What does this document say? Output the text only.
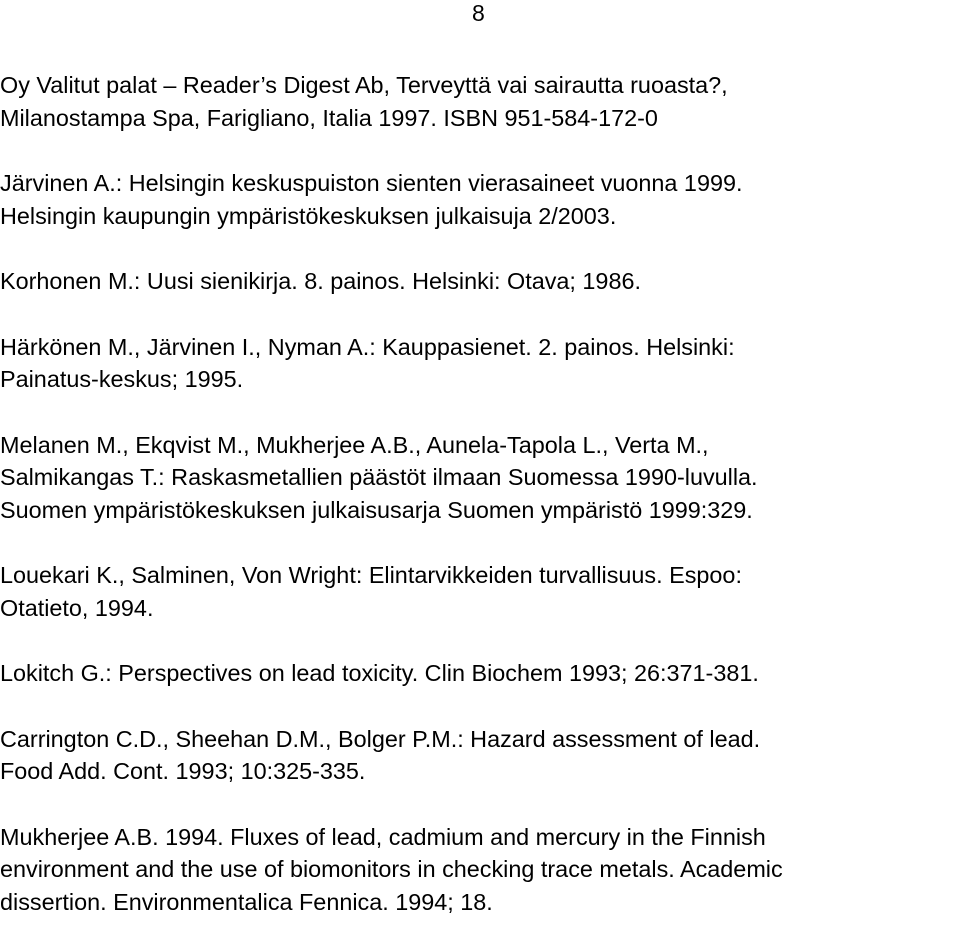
8
Oy Valitut palat – Reader’s Digest Ab, Terveyttä vai sairautta ruoasta?,
Milanostampa Spa, Farigliano, Italia 1997. ISBN 951-584-172-0
Järvinen A.: Helsingin keskuspuiston sienten vierasaineet vuonna 1999.
Helsingin kaupungin ympäristökeskuksen julkaisuja 2/2003.
Korhonen M.: Uusi sienikirja. 8. painos. Helsinki: Otava; 1986.
Härkönen M., Järvinen I., Nyman A.: Kauppasienet. 2. painos. Helsinki:
Painatus-keskus; 1995.
Melanen M., Ekqvist M., Mukherjee A.B., Aunela-Tapola L., Verta M.,
Salmikangas T.: Raskasmetallien päästöt ilmaan Suomessa 1990-luvulla.
Suomen ympäristökeskuksen julkaisusarja Suomen ympäristö 1999:329.
Louekari K., Salminen, Von Wright: Elintarvikkeiden turvallisuus. Espoo:
Otatieto, 1994.
Lokitch G.: Perspectives on lead toxicity. Clin Biochem 1993; 26:371-381.
Carrington C.D., Sheehan D.M., Bolger P.M.: Hazard assessment of lead.
Food Add. Cont. 1993; 10:325-335.
Mukherjee A.B. 1994. Fluxes of lead, cadmium and mercury in the Finnish
environment and the use of biomonitors in checking trace metals. Academic
dissertion. Environmentalica Fennica. 1994; 18.
